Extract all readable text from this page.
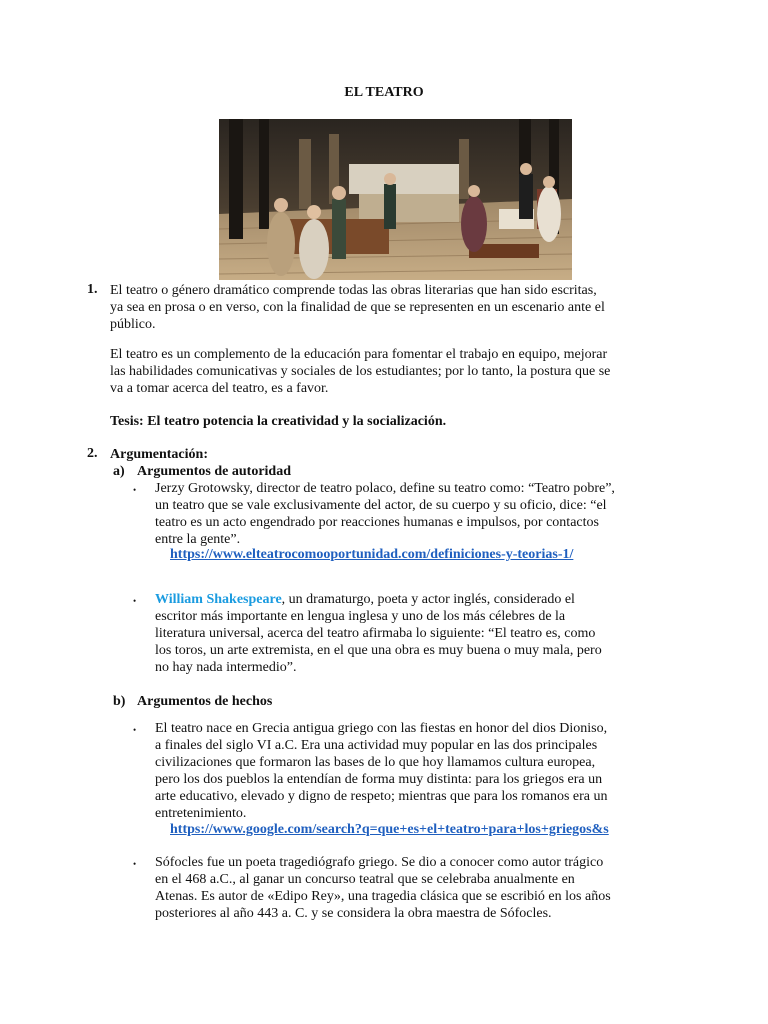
EL TEATRO
1. El teatro o género dramático comprende todas las obras literarias que han sido escritas,
ya sea en prosa o en verso, con la finalidad de que se representen en un escenario ante el
público.
El teatro es un complemento de la educación para fomentar el trabajo en equipo, mejorar
las habilidades comunicativas y sociales de los estudiantes; por lo tanto, la postura que se
va a tomar acerca del teatro, es a favor.
Tesis: El teatro potencia la creatividad y la socialización.
2. Argumentación:
a) Argumentos de autoridad
• Jerzy Grotowsky, director de teatro polaco, define su teatro como: “Teatro pobre”,
un teatro que se vale exclusivamente del actor, de su cuerpo y su oficio, dice: “el
teatro es un acto engendrado por reacciones humanas e impulsos, por contactos
entre la gente”.
https://www.elteatrocomooportunidad.com/definiciones-y-teorias-1/
• William Shakespeare, un dramaturgo, poeta y actor inglés, considerado el
escritor más importante en lengua inglesa y uno de los más célebres de la
literatura universal, acerca del teatro afirmaba lo siguiente: “El teatro es, como
los toros, un arte extremista, en el que una obra es muy buena o muy mala, pero
no hay nada intermedio”.
b) Argumentos de hechos
• El teatro nace en Grecia antigua griego con las fiestas en honor del dios Dioniso,
a finales del siglo VI a.C. Era una actividad muy popular en las dos principales
civilizaciones que formaron las bases de lo que hoy llamamos cultura europea,
pero los dos pueblos la entendían de forma muy distinta: para los griegos era un
arte educativo, elevado y digno de respeto; mientras que para los romanos era un
entretenimiento.
https://www.google.com/search?q=que+es+el+teatro+para+los+griegos&s
• Sófocles fue un poeta tragediógrafo griego. Se dio a conocer como autor trágico
en el 468 a.C., al ganar un concurso teatral que se celebraba anualmente en
Atenas. Es autor de «Edipo Rey», una tragedia clásica que se escribió en los años
posteriores al año 443 a. C. y se considera la obra maestra de Sófocles.
